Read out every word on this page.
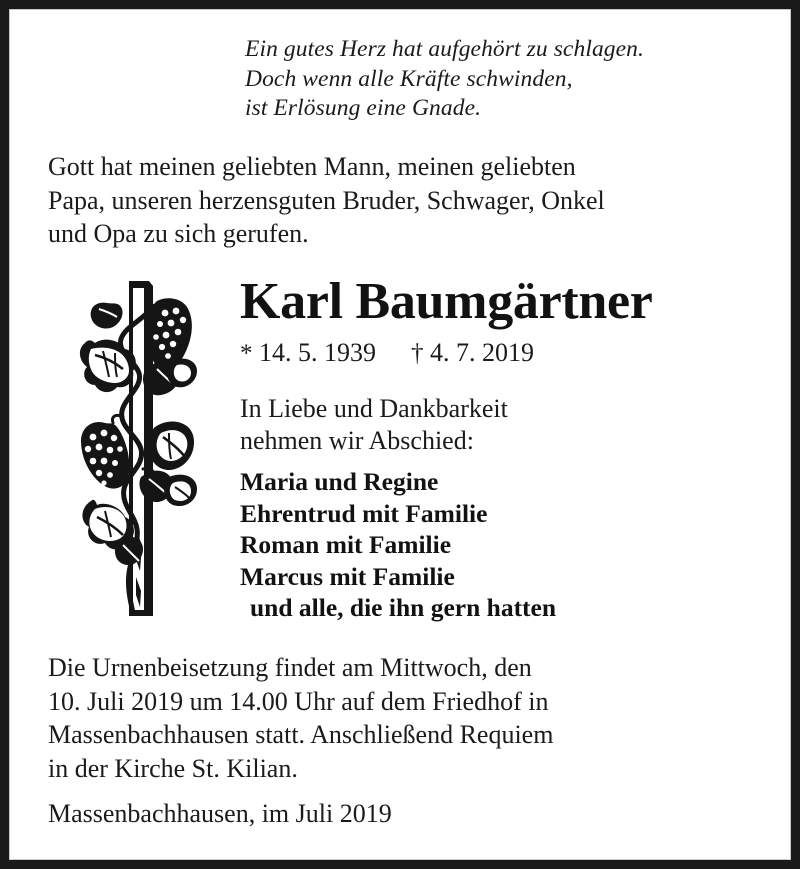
Ein gutes Herz hat aufgehört zu schlagen.
Doch wenn alle Kräfte schwinden,
ist Erlösung eine Gnade.
Gott hat meinen geliebten Mann, meinen geliebten
Papa, unseren herzensguten Bruder, Schwager, Onkel
und Opa zu sich gerufen.
Karl Baumgärtner
* 14. 5. 1939 † 4. 7. 2019
In Liebe und Dankbarkeit
nehmen wir Abschied:
Maria und Regine
Ehrentrud mit Familie
Roman mit Familie
Marcus mit Familie
und alle, die ihn gern hatten
Die Urnenbeisetzung findet am Mittwoch, den
10. Juli 2019 um 14.00 Uhr auf dem Friedhof in
Massenbachhausen statt. Anschließend Requiem
in der Kirche St. Kilian.
Massenbachhausen, im Juli 2019
